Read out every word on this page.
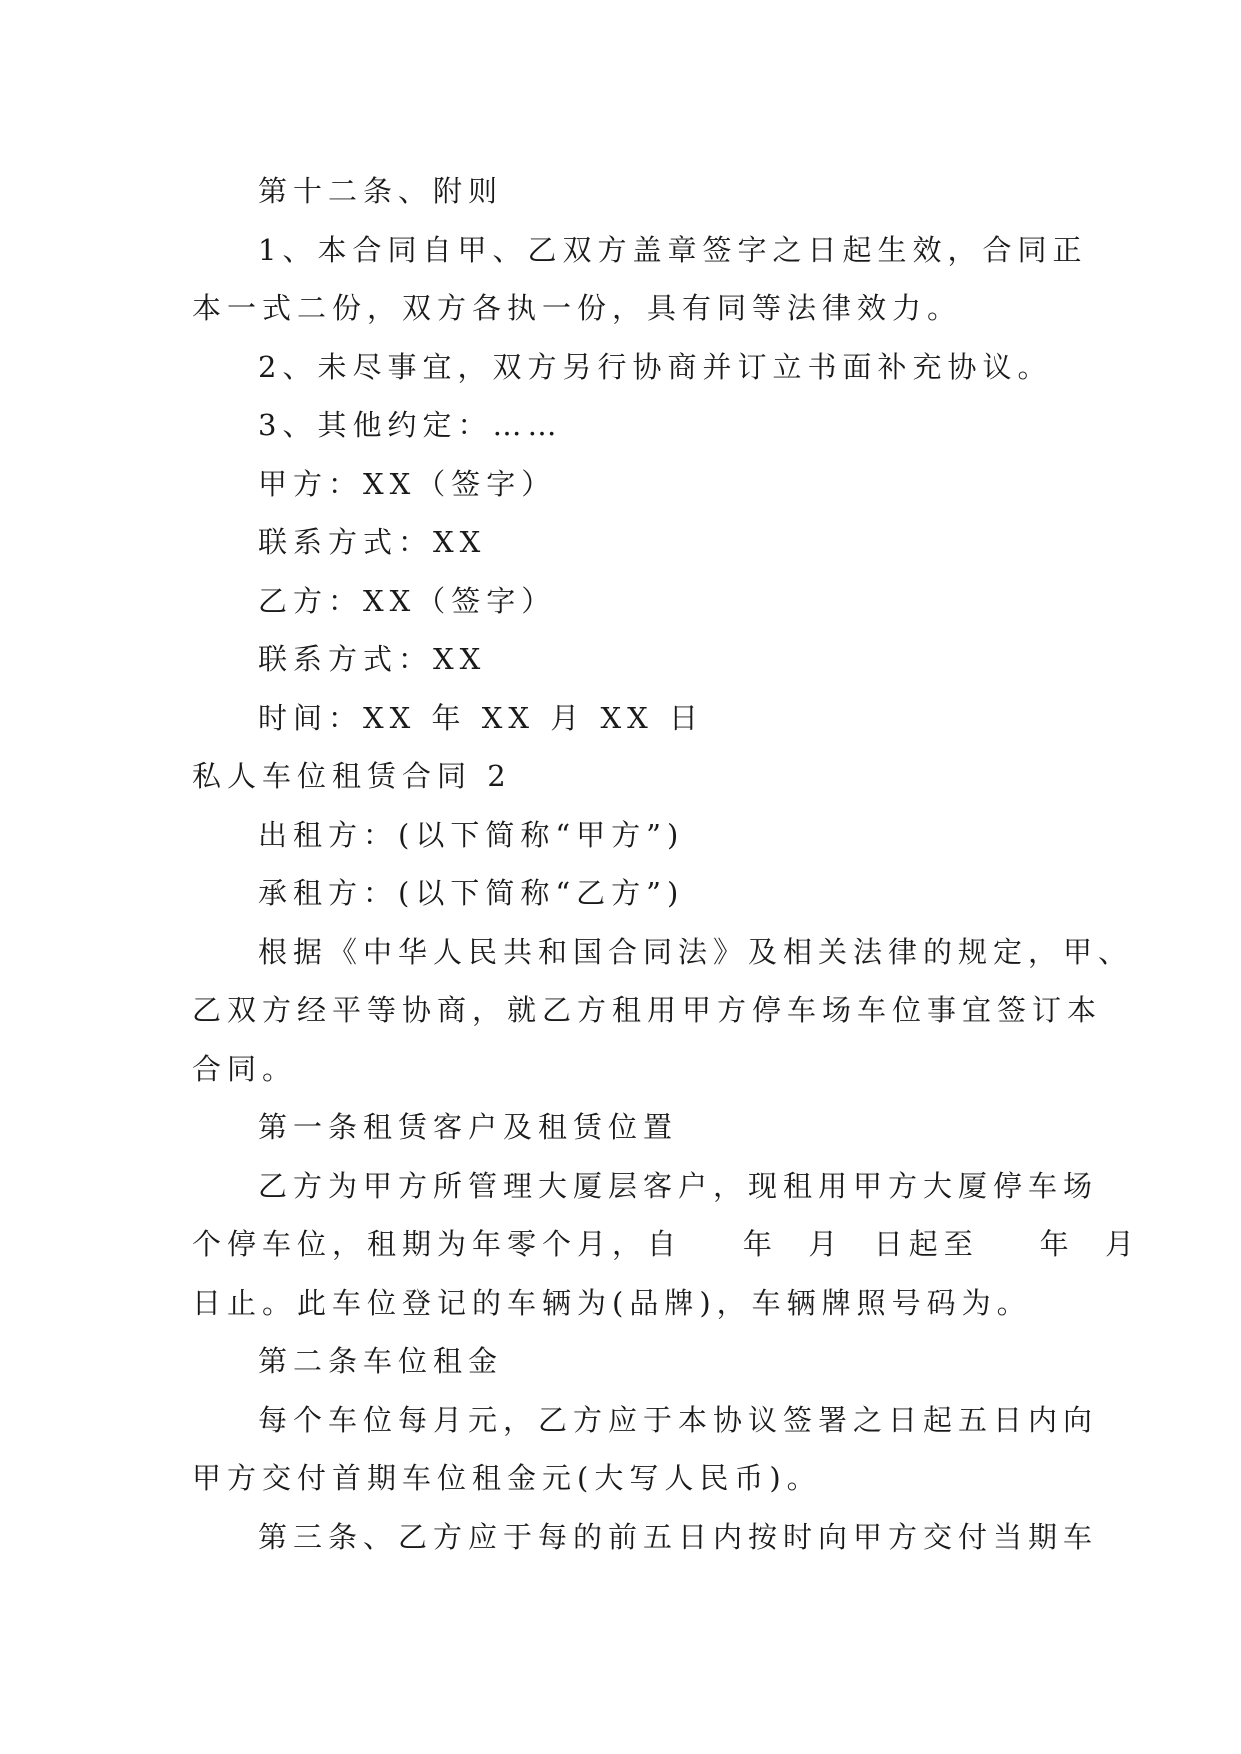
第十二条、附则
1、本合同自甲、乙双方盖章签字之日起生效，合同正
本一式二份，双方各执一份，具有同等法律效力。
2、未尽事宜，双方另行协商并订立书面补充协议。
3、其他约定：……
甲方：XX（签字）
联系方式：XX
乙方：XX（签字）
联系方式：XX
时间：XX 年 XX 月 XX 日
私人车位租赁合同 2
出租方：(以下简称“甲方”)
承租方：(以下简称“乙方”)
根据《中华人民共和国合同法》及相关法律的规定，甲、
乙双方经平等协商，就乙方租用甲方停车场车位事宜签订本
合同。
第一条租赁客户及租赁位置
乙方为甲方所管理大厦层客户，现租用甲方大厦停车场
个停车位，租期为年零个月，自    年  月  日起至    年  月
日止。此车位登记的车辆为(品牌)，车辆牌照号码为。
第二条车位租金
每个车位每月元，乙方应于本协议签署之日起五日内向
甲方交付首期车位租金元(大写人民币)。
第三条、乙方应于每的前五日内按时向甲方交付当期车
